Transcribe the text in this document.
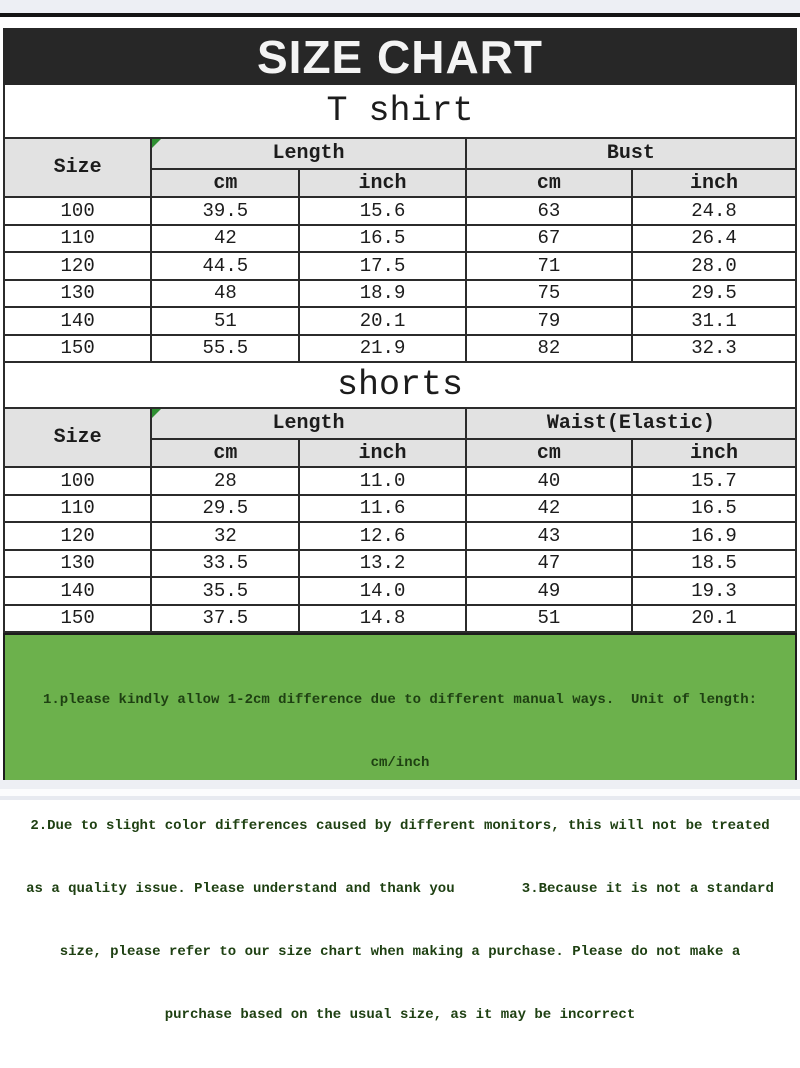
SIZE CHART
T shirt
Size	Length		Bust	
	cm	inch	cm	inch
100	39.5	15.6	63	24.8
110	42	16.5	67	26.4
120	44.5	17.5	71	28.0
130	48	18.9	75	29.5
140	51	20.1	79	31.1
150	55.5	21.9	82	32.3
shorts
Size	Length		Waist(Elastic)	
	cm	inch	cm	inch
100	28	11.0	40	15.7
110	29.5	11.6	42	16.5
120	32	12.6	43	16.9
130	33.5	13.2	47	18.5
140	35.5	14.0	49	19.3
150	37.5	14.8	51	20.1

1.please kindly allow 1-2cm difference due to different manual ways.  Unit of length:

cm/inch

2.Due to slight color differences caused by different monitors, this will not be treated

as a quality issue. Please understand and thank you        3.Because it is not a standard

size, please refer to our size chart when making a purchase. Please do not make a

purchase based on the usual size, as it may be incorrect
